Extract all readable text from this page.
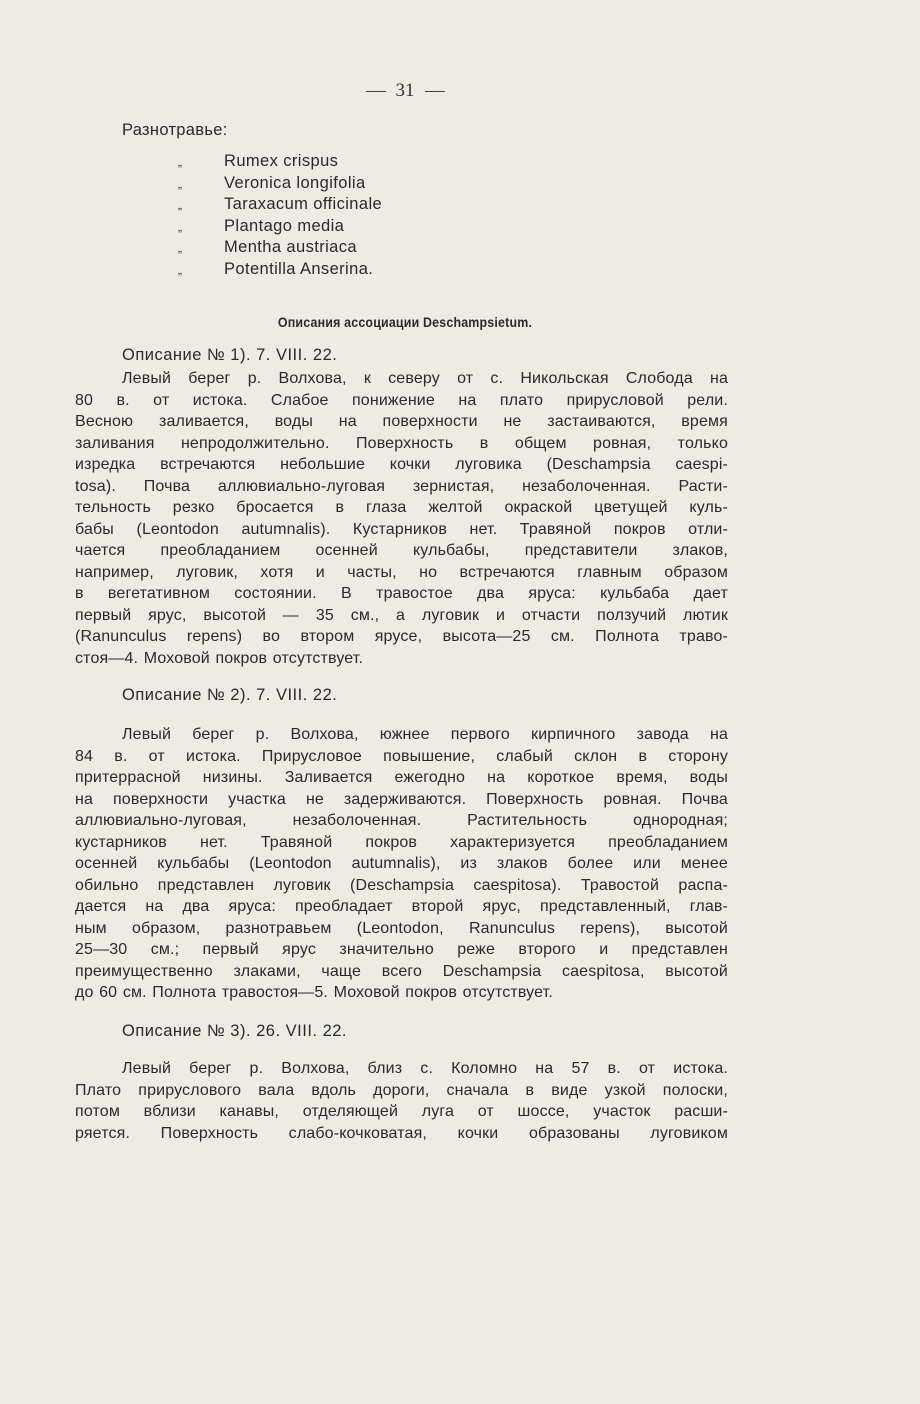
31
Разнотравье:
„	Rumex crispus
„	Veronica longifolia
„	Taraxacum officinale
„	Plantago media
„	Mentha austriaca
„	Potentilla Anserina.
Описания ассоциации Deschampsietum.
Описание № 1). 7. VIII. 22.
Левый берег р. Волхова, к северу от с. Никольская Слобода на
80 в. от истока. Слабое понижение на плато прирусловой рели.
Весною заливается, воды на поверхности не застаиваются, время
заливания непродолжительно. Поверхность в общем ровная, только
изредка встречаются небольшие кочки луговика (Deschampsia caespi-
tosa). Почва аллювиально-луговая зернистая, незаболоченная. Расти-
тельность резко бросается в глаза желтой окраской цветущей куль-
бабы (Leontodon autumnalis). Кустарников нет. Травяной покров отли-
чается преобладанием осенней кульбабы, представители злаков,
например, луговик, хотя и часты, но встречаются главным образом
в вегетативном состоянии. В травостое два яруса: кульбаба дает
первый ярус, высотой — 35 см., а луговик и отчасти ползучий лютик
(Ranunculus repens) во втором ярусе, высота—25 см. Полнота траво-
стоя—4. Моховой покров отсутствует.
Описание № 2). 7. VIII. 22.
Левый берег р. Волхова, южнее первого кирпичного завода на
84 в. от истока. Прирусловое повышение, слабый склон в сторону
притеррасной низины. Заливается ежегодно на короткое время, воды
на поверхности участка не задерживаются. Поверхность ровная. Почва
аллювиально-луговая, незаболоченная. Растительность однородная;
кустарников нет. Травяной покров характеризуется преобладанием
осенней кульбабы (Leontodon autumnalis), из злаков более или менее
обильно представлен луговик (Deschampsia caespitosa). Травостой распа-
дается на два яруса: преобладает второй ярус, представленный, глав-
ным образом, разнотравьем (Leontodon, Ranunculus repens), высотой
25—30 см.; первый ярус значительно реже второго и представлен
преимущественно злаками, чаще всего Deschampsia caespitosa, высотой
до 60 см. Полнота травостоя—5. Моховой покров отсутствует.
Описание № 3). 26. VIII. 22.
Левый берег р. Волхова, близ с. Коломно на 57 в. от истока.
Плато прируслового вала вдоль дороги, сначала в виде узкой полоски,
потом вблизи канавы, отделяющей луга от шоссе, участок расши-
ряется. Поверхность слабо-кочковатая, кочки образованы луговиком
